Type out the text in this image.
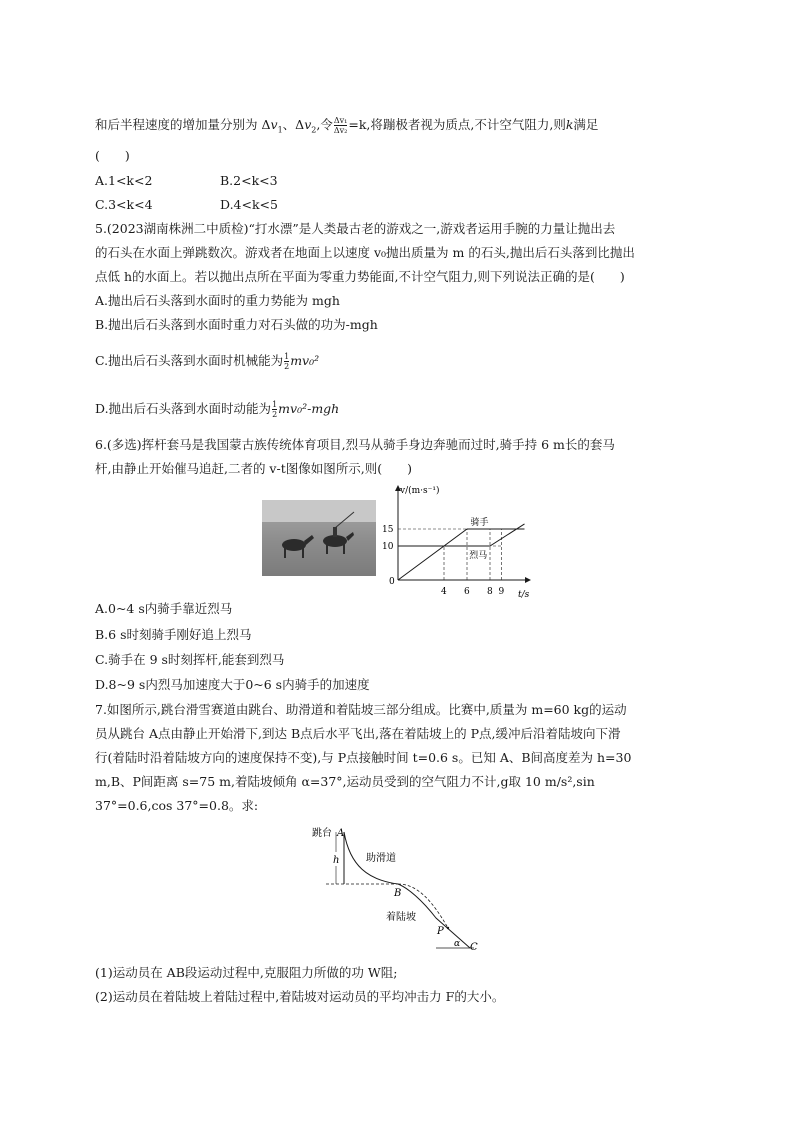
和后半程速度的增加量分别为 $\Delta v_1$、$\Delta v_2$,令 $\frac{\text{Δv₁}}{\text{Δv₂}} =k$,将蹦极者视为质点,不计空气阻力,则k满足
(　　)
A.1<k<2	B.2<k<3
C.3<k<4	D.4<k<5
5.(2023湖南株洲二中质检)“打水漂”是人类最古老的游戏之一,游戏者运用手腕的力量让抛出去
的石头在水面上弹跳数次。游戏者在地面上以速度 v₀抛出质量为 m 的石头,抛出后石头落到比抛出
点低 h的水面上。若以抛出点所在平面为零重力势能面,不计空气阻力,则下列说法正确的是(　　)
A.抛出后石头落到水面时的重力势能为 mgh
B.抛出后石头落到水面时重力对石头做的功为-mgh
C.抛出后石头落到水面时机械能为 $\frac{1}{2} mv_0^2$
D.抛出后石头落到水面时动能为 $\frac{1}{2} mv_0^2-mgh$
6.(多选)挥杆套马是我国蒙古族传统体育项目,烈马从骑手身边奔驰而过时,骑手持 6 m长的套马
杆,由静止开始催马追赶,二者的 v-t图像如图所示,则(　　)
v/(m·s⁻¹)
t/s
0
15
10
4 6 8 9
骑手
烈马
A.0~4 s内骑手靠近烈马
B.6 s时刻骑手刚好追上烈马
C.骑手在 9 s时刻挥杆,能套到烈马
D.8~9 s内烈马加速度大于0~6 s内骑手的加速度
7.如图所示,跳台滑雪赛道由跳台、助滑道和着陆坡三部分组成。比赛中,质量为 m=60 kg的运动
员从跳台 A点由静止开始滑下,到达 B点后水平飞出,落在着陆坡上的 P点,缓冲后沿着陆坡向下滑
行(着陆时沿着陆坡方向的速度保持不变),与 P点接触时间 t=0.6 s。已知 A、B间高度差为 h=30
m,B、P间距离 s=75 m,着陆坡倾角 α=37°,运动员受到的空气阻力不计,g取 10 m/s²,sin
37°=0.6,cos 37°=0.8。求:
跳台 A
h	助滑道
B
着陆坡
P
α C
(1)运动员在 AB段运动过程中,克服阻力所做的功 W阻;
(2)运动员在着陆坡上着陆过程中,着陆坡对运动员的平均冲击力 F的大小。
